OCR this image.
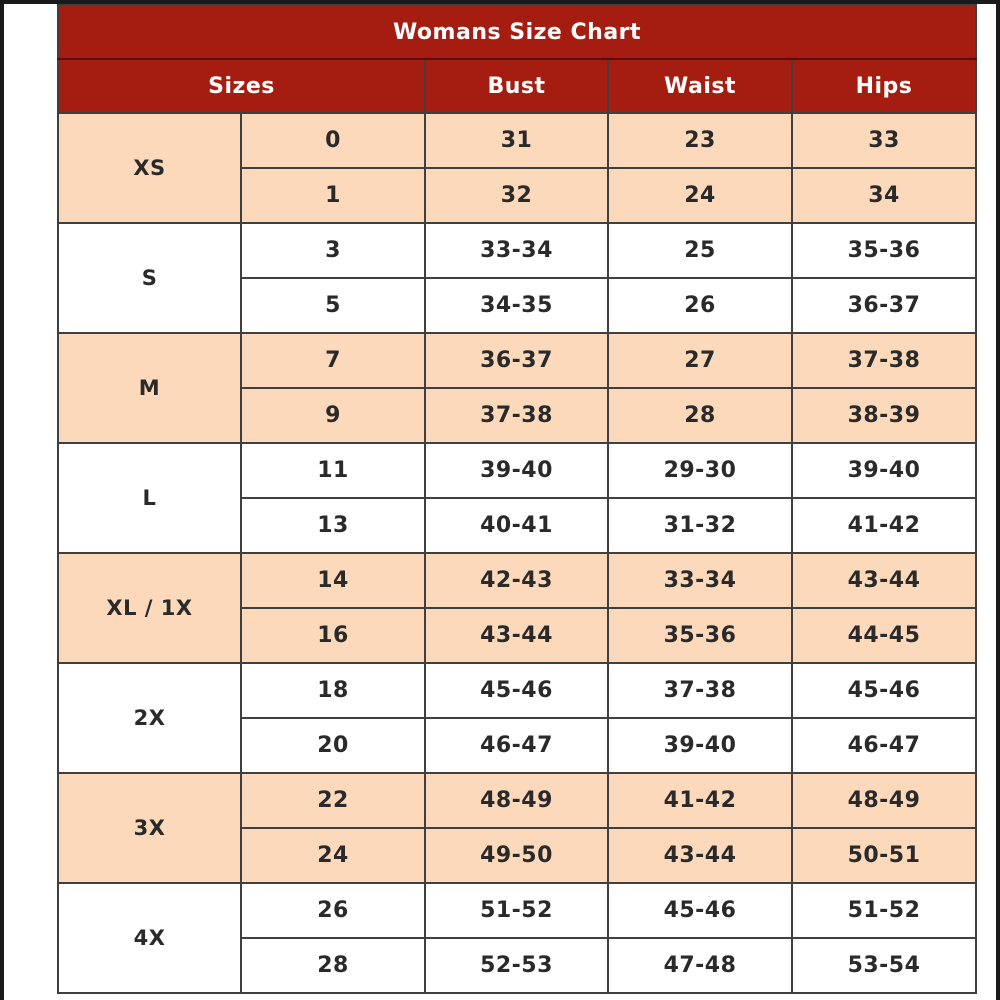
Womans Size Chart				
Sizes		Bust	Waist	Hips
XS	0	31	23	33
	1	32	24	34
S	3	33-34	25	35-36
	5	34-35	26	36-37
M	7	36-37	27	37-38
	9	37-38	28	38-39
L	11	39-40	29-30	39-40
	13	40-41	31-32	41-42
XL / 1X	14	42-43	33-34	43-44
	16	43-44	35-36	44-45
2X	18	45-46	37-38	45-46
	20	46-47	39-40	46-47
3X	22	48-49	41-42	48-49
	24	49-50	43-44	50-51
4X	26	51-52	45-46	51-52
	28	52-53	47-48	53-54
